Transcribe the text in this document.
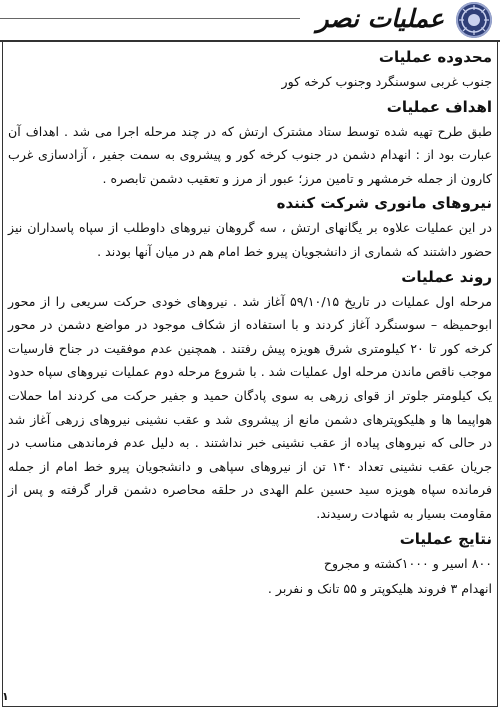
عملیات نصر
محدوده عملیات

جنوب غربی سوسنگرد وجنوب کرخه کور

اهداف عملیات

طبق طرح تهیه شده توسط ستاد مشترک ارتش که در چند مرحله اجرا می شد . اهداف آن عبارت بود از : انهدام دشمن در جنوب کرخه کور و پیشروی به سمت جفیر ، آزادسازی غرب کارون از جمله خرمشهر و تامین مرز؛ عبور از مرز و تعقیب دشمن تابصره .

نیروهای مانوری شرکت کننده

در این عملیات علاوه بر یگانهای ارتش ، سه گروهان نیروهای داوطلب از سپاه پاسداران نیز حضور داشتند که شماری از دانشجویان پیرو خط امام هم در میان آنها بودند .

روند عملیات

مرحله اول عملیات در تاریخ ۵۹/۱۰/۱۵ آغاز شد . نیروهای خودی حرکت سریعی را از محور ابوحمیظه – سوسنگرد آغاز کردند و با استفاده از شکاف موجود در مواضع دشمن در محور کرخه کور تا ۲۰ کیلومتری شرق هویزه پیش رفتند . همچنین عدم موفقیت در جناح فارسیات موجب ناقص ماندن مرحله اول عملیات شد . با شروع مرحله دوم عملیات نیروهای سپاه حدود یک کیلومتر جلوتر از قوای زرهی به سوی پادگان حمید و جفیر حرکت می کردند اما حملات هواپیما ها و هلیکوپترهای دشمن مانع از پیشروی شد و عقب نشینی نیروهای زرهی آغاز شد در حالی که نیروهای پیاده از عقب نشینی خبر نداشتند . به دلیل عدم فرماندهی مناسب در جریان عقب نشینی تعداد ۱۴۰ تن از نیروهای سپاهی و دانشجویان پیرو خط امام از جمله فرمانده سپاه هویزه سید حسین علم الهدی در حلقه محاصره دشمن قرار گرفته و پس از مقاومت بسیار به شهادت رسیدند.

نتایج عملیات

۸۰۰ اسیر و ۱۰۰۰کشته و مجروح

انهدام ۳ فروند هلیکوپتر و ۵۵ تانک و نفربر .

۱
